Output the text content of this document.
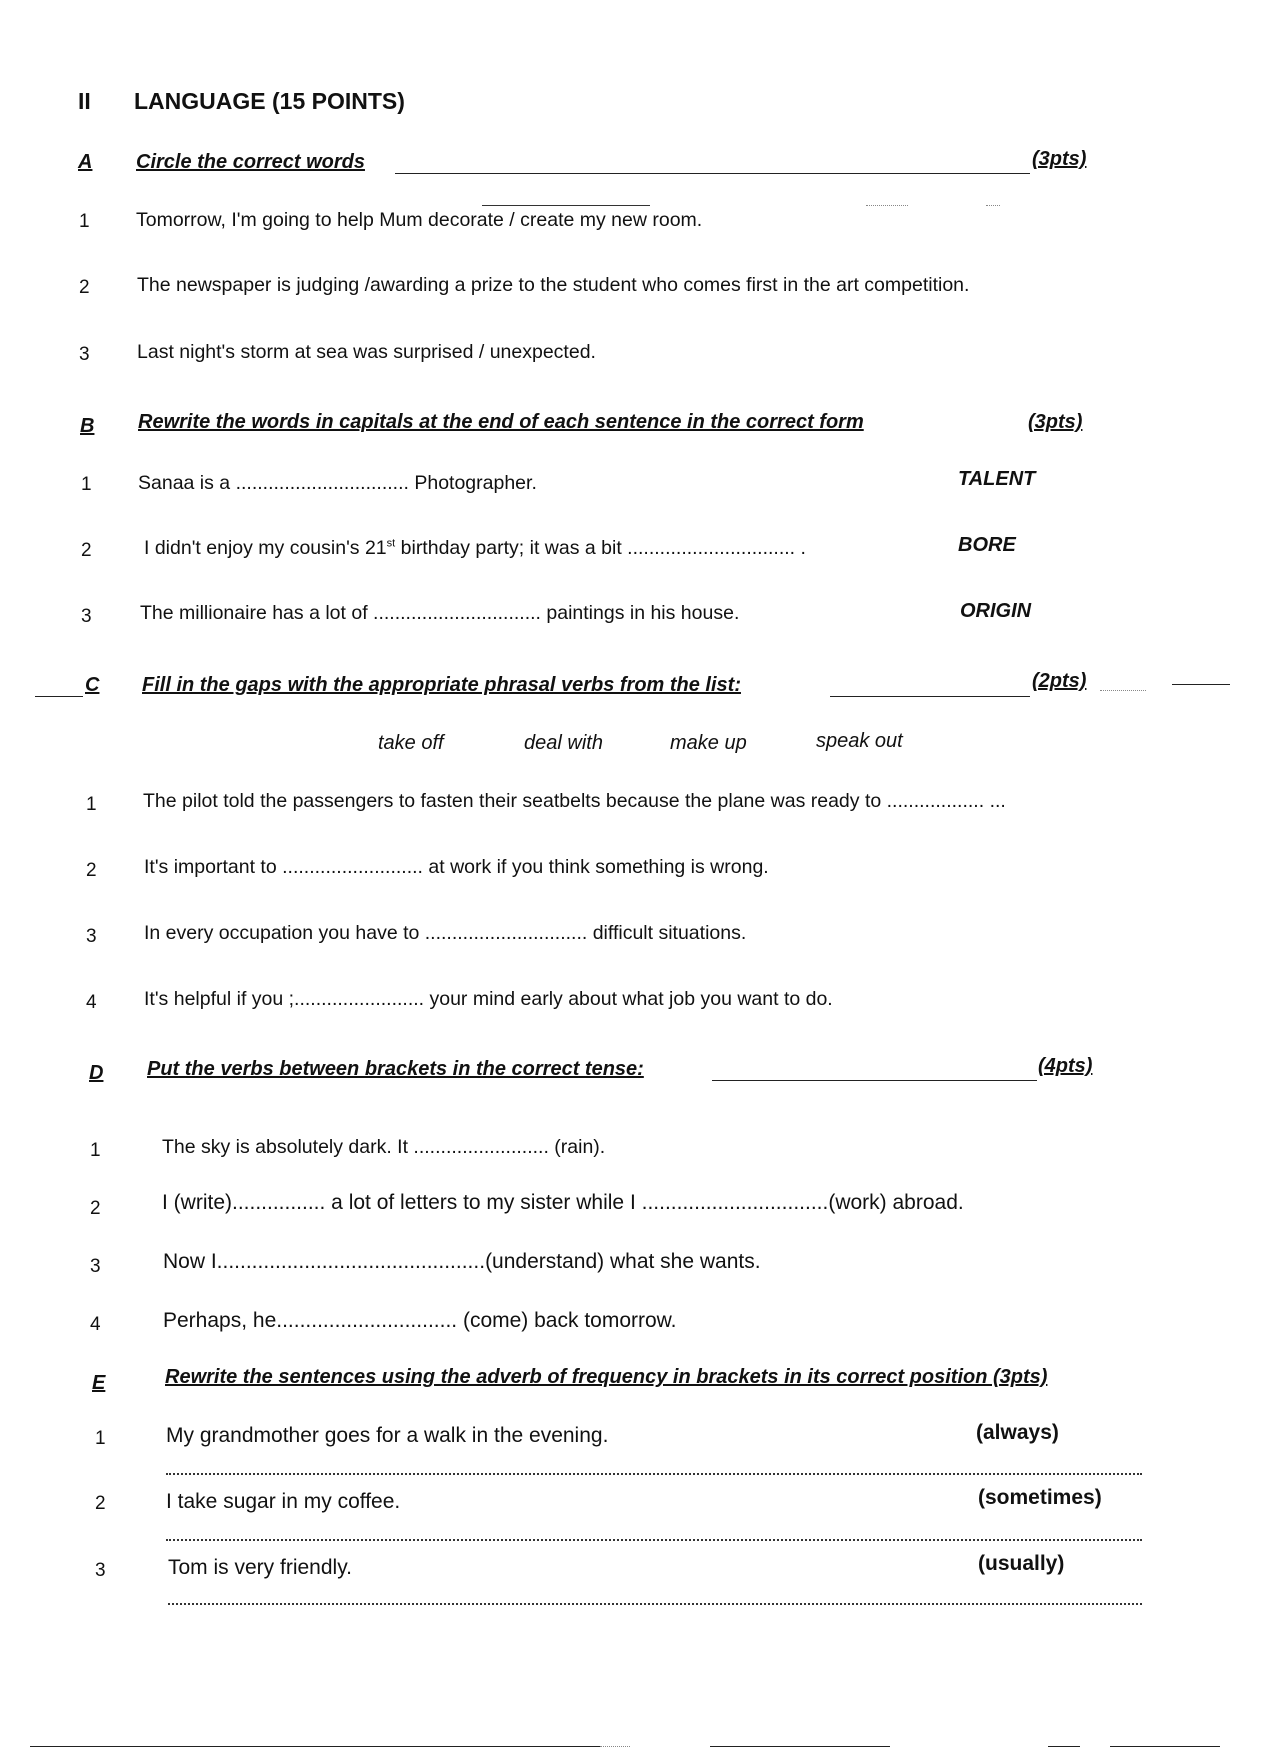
II LANGUAGE (15 POINTS)
A Circle the correct words	(3pts)
1 Tomorrow, I'm going to help Mum decorate / create my new room.
2 The newspaper is judging /awarding a prize to the student who comes first in the art competition.
3 Last night's storm at sea was surprised / unexpected.
B Rewrite the words in capitals at the end of each sentence in the correct form	(3pts)
1 Sanaa is a ................................ Photographer.	TALENT
2	I didn't enjoy my cousin's 21st birthday party; it was a bit ............................... .	BORE
3 The millionaire has a lot of ............................... paintings in his house.	ORIGIN
C Fill in the gaps with the appropriate phrasal verbs from the list:	(2pts)
take off	deal with	make up	speak out
1 The pilot told the passengers to fasten their seatbelts because the plane was ready to .................. ...
2 It's important to .......................... at work if you think something is wrong.
3 In every occupation you have to .............................. difficult situations.
4 It's helpful if you ;........................ your mind early about what job you want to do.
D Put the verbs between brackets in the correct tense:	(4pts)
1	The sky is absolutely dark. It ......................... (rain).
2	I (write)................ a lot of letters to my sister while I ................................(work) abroad.
3	Now I..............................................(understand) what she wants.
4	Perhaps, he............................... (come) back tomorrow.
E	Rewrite the sentences using the adverb of frequency in brackets in its correct position (3pts)
1	My grandmother goes for a walk in the evening.	(always)
2	I take sugar in my coffee.	(sometimes)
3	Tom is very friendly.	(usually)
